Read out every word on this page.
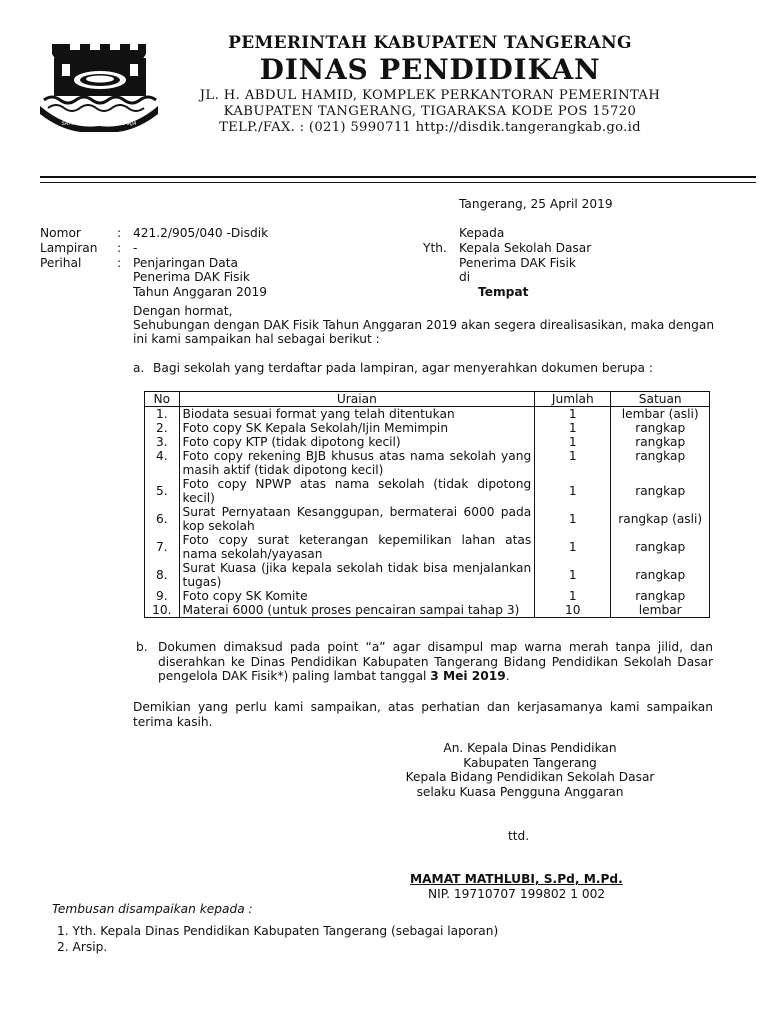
SATYA KARYA KERTA RAHARJA
PEMERINTAH KABUPATEN TANGERANG
DINAS PENDIDIKAN
JL. H. ABDUL HAMID, KOMPLEK PERKANTORAN PEMERINTAH
KABUPATEN TANGERANG, TIGARAKSA KODE POS 15720
TELP./FAX. : (021) 5990711 http://disdik.tangerangkab.go.id
Tangerang, 25 April 2019
Nomor	: 421.2/905/040 -Disdik
Lampiran : -
Perihal	: Penjaringan Data
Penerima DAK Fisik
Tahun Anggaran 2019
Kepada
Yth. Kepala Sekolah Dasar
Penerima DAK Fisik
di
Tempat
Dengan hormat,
Sehubungan dengan DAK Fisik Tahun Anggaran 2019 akan segera direalisasikan, maka dengan
ini kami sampaikan hal sebagai berikut :
a. Bagi sekolah yang terdaftar pada lampiran, agar menyerahkan dokumen berupa :
No	Uraian	Jumlah	Satuan
1.	Biodata sesuai format yang telah ditentukan	1	lembar (asli)
2.	Foto copy SK Kepala Sekolah/Ijin Memimpin	1	rangkap
3.	Foto copy KTP (tidak dipotong kecil)	1	rangkap
4.	Foto copy rekening BJB khusus atas nama sekolah yang masih aktif (tidak dipotong kecil)	1	rangkap
5.	Foto copy NPWP atas nama sekolah (tidak dipotong kecil)	1	rangkap
6.	Surat Pernyataan Kesanggupan, bermaterai 6000 pada kop sekolah	1	rangkap (asli)
7.	Foto copy surat keterangan kepemilikan lahan atas nama sekolah/yayasan	1	rangkap
8.	Surat Kuasa (jika kepala sekolah tidak bisa menjalankan tugas)	1	rangkap
9.	Foto copy SK Komite	1	rangkap
10.	Materai 6000 (untuk proses pencairan sampai tahap 3)	10	lembar
b. Dokumen dimaksud pada point “a” agar disampul map warna merah tanpa jilid, dan diserahkan ke Dinas Pendidikan Kabupaten Tangerang Bidang Pendidikan Sekolah Dasar pengelola DAK Fisik*) paling lambat tanggal 3 Mei 2019.
Demikian yang perlu kami sampaikan, atas perhatian dan kerjasamanya kami sampaikan terima kasih.
An. Kepala Dinas Pendidikan
Kabupaten Tangerang
Kepala Bidang Pendidikan Sekolah Dasar
selaku Kuasa Pengguna Anggaran
ttd.
MAMAT MATHLUBI, S.Pd, M.Pd.
NIP. 19710707 199802 1 002
Tembusan disampaikan kepada :
1. Yth. Kepala Dinas Pendidikan Kabupaten Tangerang (sebagai laporan)
2. Arsip.
